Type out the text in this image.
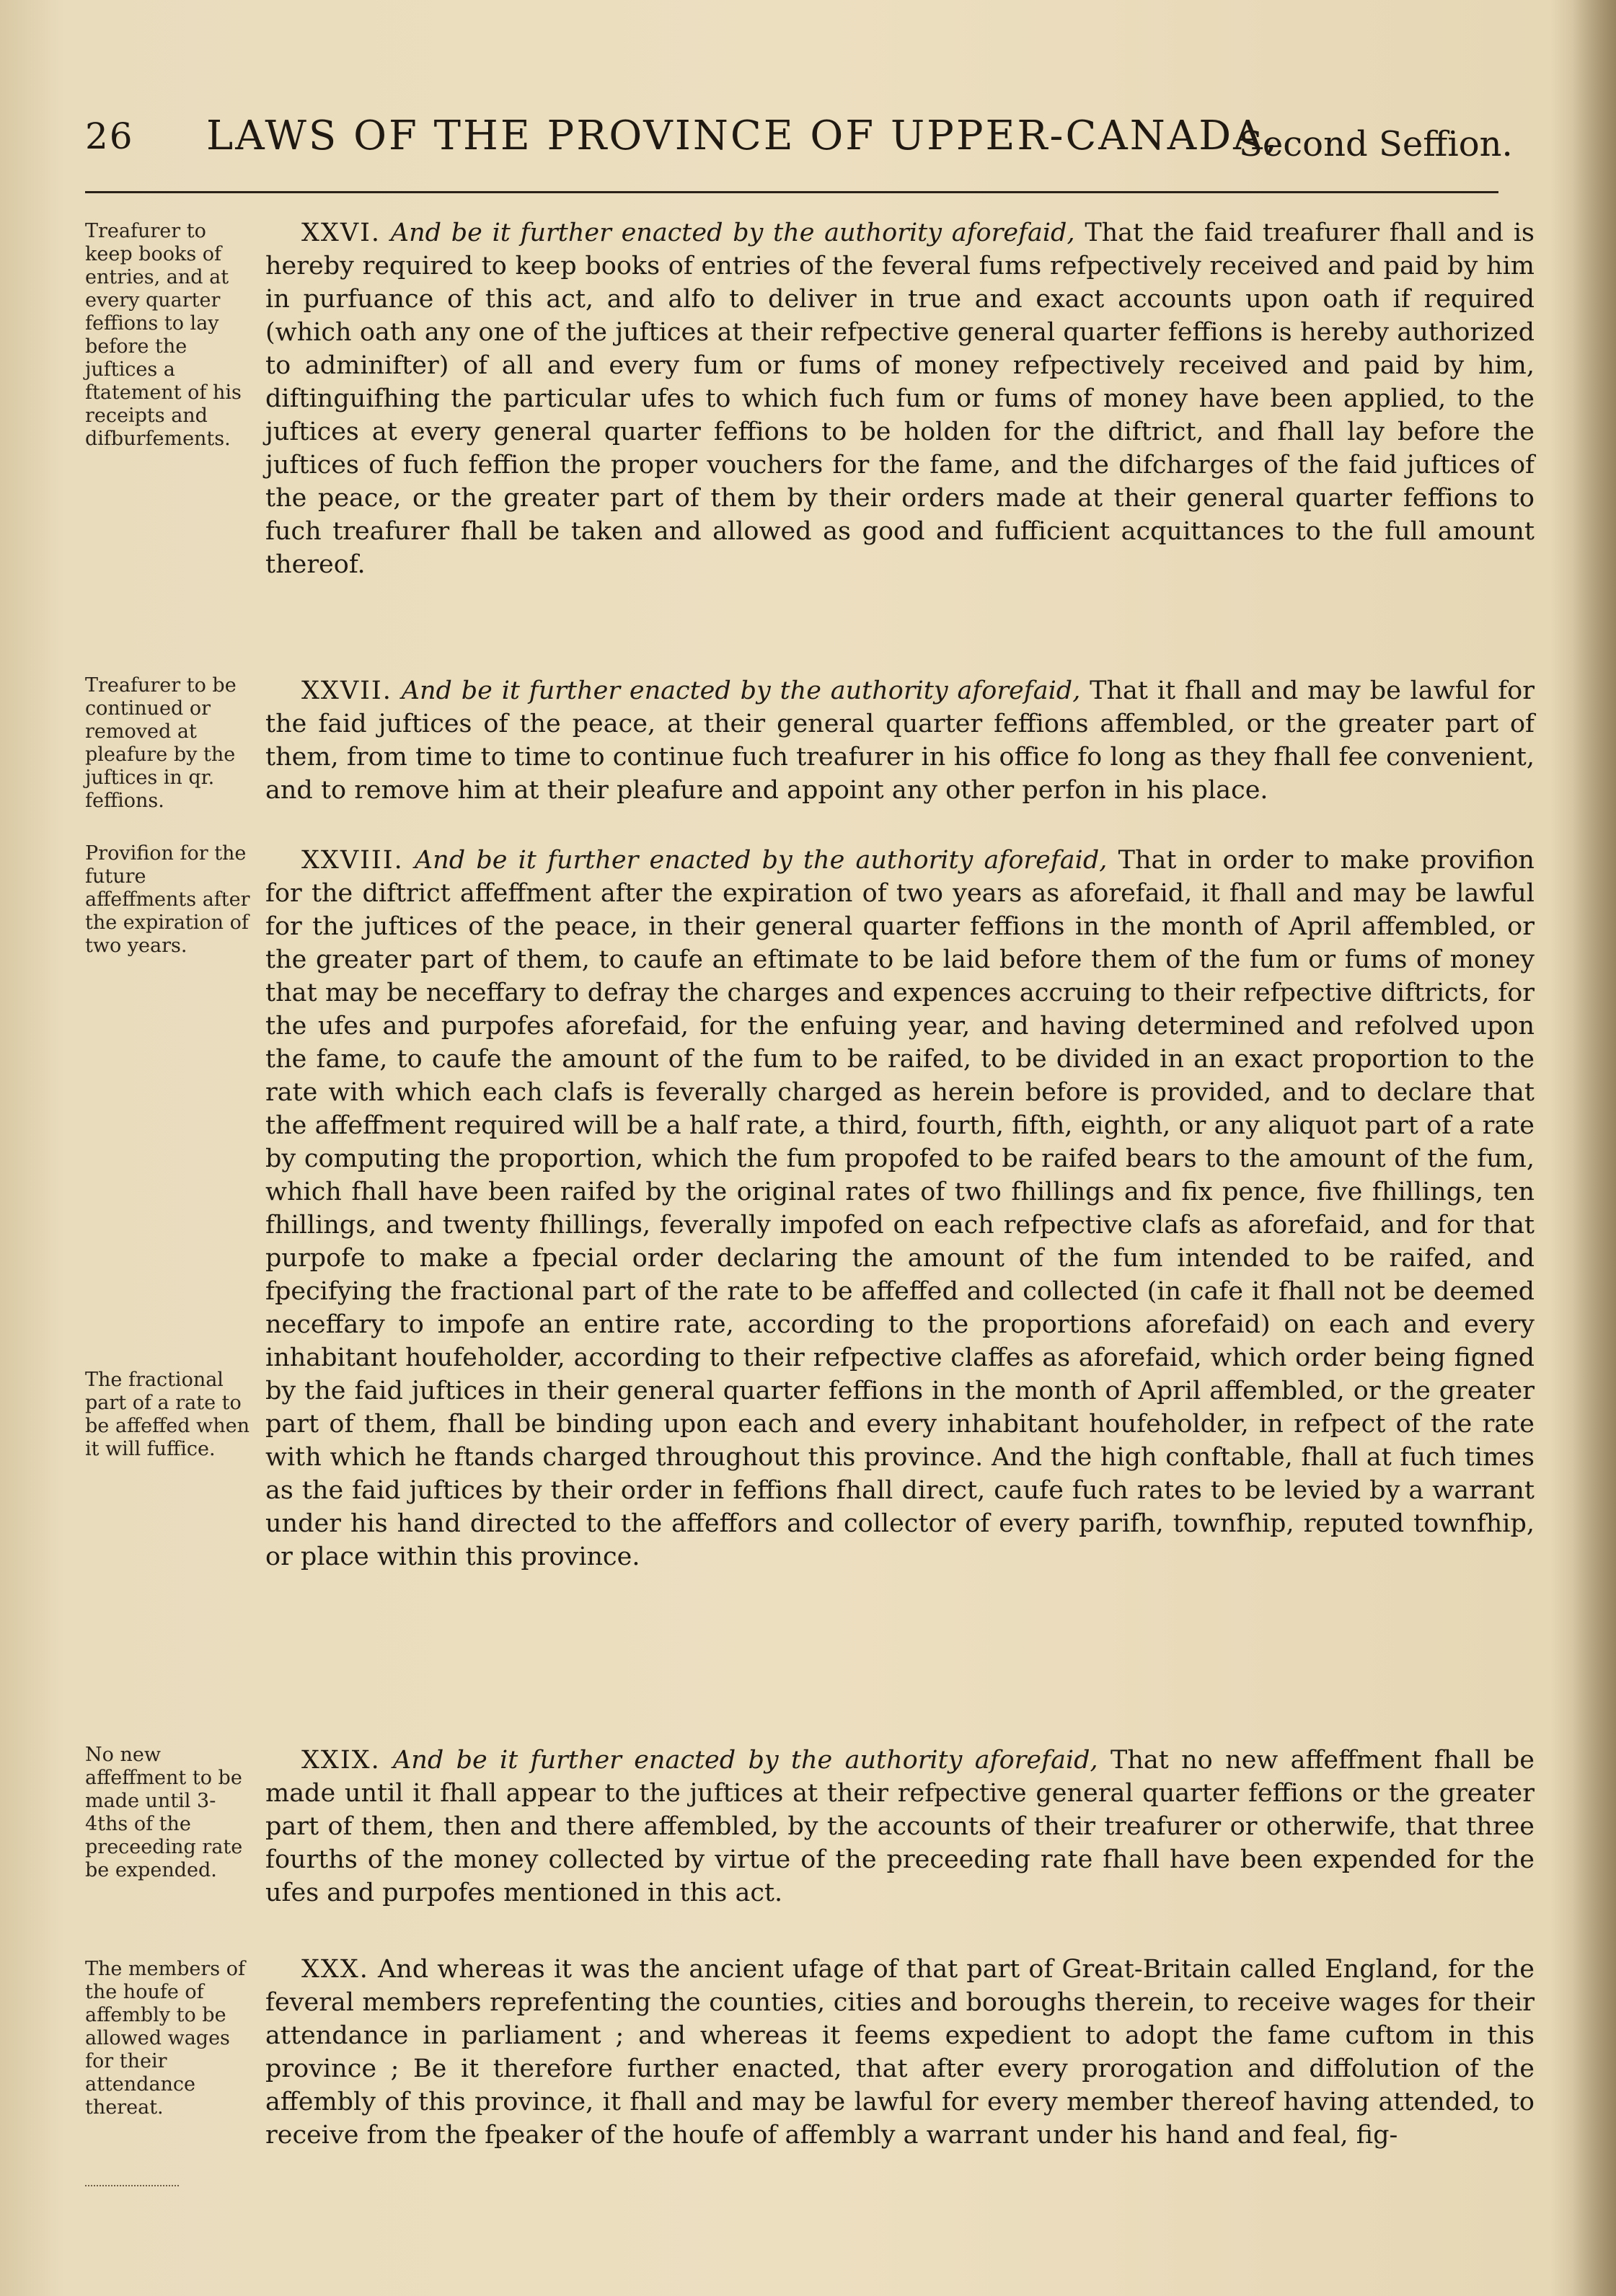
26 LAWS OF THE PROVINCE OF UPPER-CANADA,
Second Seffion.
Treafurer to keep books of entries, and at every quarter feffions to lay before the juftices a ftatement of his receipts and difburfements.
Treafurer to be continued or removed at pleafure by the juftices in qr. feffions.
Provifion for the future affeffments after the expiration of two years.
The fractional part of a rate to be affeffed when it will fuffice.
No new affeffment to be made until 3-4ths of the preceeding rate be expended.
The members of the houfe of affembly to be allowed wages for their attendance thereat.
XXVI. And be it further enacted by the authority aforefaid, That the faid treafurer fhall and is hereby required to keep books of entries of the feveral fums refpectively received and paid by him in purfuance of this act, and alfo to deliver in true and exact accounts upon oath if required (which oath any one of the juftices at their refpective general quarter feffions is hereby authorized to adminifter) of all and every fum or fums of money refpectively received and paid by him, diftinguifhing the particular ufes to which fuch fum or fums of money have been applied, to the juftices at every general quarter feffions to be holden for the diftrict, and fhall lay before the juftices of fuch feffion the proper vouchers for the fame, and the difcharges of the faid juftices of the peace, or the greater part of them by their orders made at their general quarter feffions to fuch treafurer fhall be taken and allowed as good and fufficient acquittances to the full amount thereof.
XXVII. And be it further enacted by the authority aforefaid, That it fhall and may be lawful for the faid juftices of the peace, at their general quarter feffions affembled, or the greater part of them, from time to time to continue fuch treafurer in his office fo long as they fhall fee convenient, and to remove him at their pleafure and appoint any other perfon in his place.
XXVIII. And be it further enacted by the authority aforefaid, That in order to make provifion for the diftrict affeffment after the expiration of two years as aforefaid, it fhall and may be lawful for the juftices of the peace, in their general quarter feffions in the month of April affembled, or the greater part of them, to caufe an eftimate to be laid before them of the fum or fums of money that may be neceffary to defray the charges and expences accruing to their refpective diftricts, for the ufes and purpofes aforefaid, for the enfuing year, and having determined and refolved upon the fame, to caufe the amount of the fum to be raifed, to be divided in an exact proportion to the rate with which each clafs is feverally charged as herein before is provided, and to declare that the affeffment required will be a half rate, a third, fourth, fifth, eighth, or any aliquot part of a rate by computing the proportion, which the fum propofed to be raifed bears to the amount of the fum, which fhall have been raifed by the original rates of two fhillings and fix pence, five fhillings, ten fhillings, and twenty fhillings, feverally impofed on each refpective clafs as aforefaid, and for that purpofe to make a fpecial order declaring the amount of the fum intended to be raifed, and fpecifying the fractional part of the rate to be affeffed and collected (in cafe it fhall not be deemed neceffary to impofe an entire rate, according to the proportions aforefaid) on each and every inhabitant houfeholder, according to their refpective claffes as aforefaid, which order being figned by the faid juftices in their general quarter feffions in the month of April affembled, or the greater part of them, fhall be binding upon each and every inhabitant houfeholder, in refpect of the rate with which he ftands charged throughout this province. And the high conftable, fhall at fuch times as the faid juftices by their order in feffions fhall direct, caufe fuch rates to be levied by a warrant under his hand directed to the affeffors and collector of every parifh, townfhip, reputed townfhip, or place within this province.
XXIX. And be it further enacted by the authority aforefaid, That no new affeffment fhall be made until it fhall appear to the juftices at their refpective general quarter feffions or the greater part of them, then and there affembled, by the accounts of their treafurer or otherwife, that three fourths of the money collected by virtue of the preceeding rate fhall have been expended for the ufes and purpofes mentioned in this act.
XXX. And whereas it was the ancient ufage of that part of Great-Britain called England, for the feveral members reprefenting the counties, cities and boroughs therein, to receive wages for their attendance in parliament ; and whereas it feems expedient to adopt the fame cuftom in this province ; Be it therefore further enacted, that after every prorogation and diffolution of the affembly of this province, it fhall and may be lawful for every member thereof having attended, to receive from the fpeaker of the houfe of affembly a warrant under his hand and feal, fig-
